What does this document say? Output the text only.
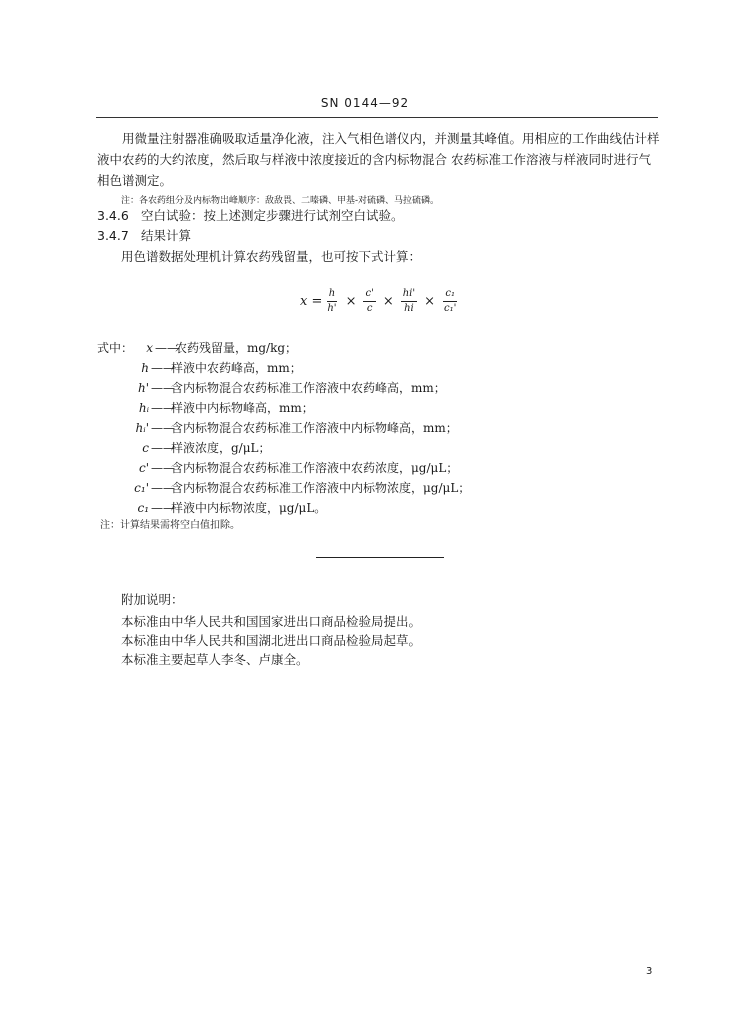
SN 0144—92
用微量注射器准确吸取适量净化液，注入气相色谱仪内，并测量其峰值。用相应的工作曲线估计样液中农药的大约浓度，然后取与样液中浓度接近的含内标物混合 农药标准工作溶液与样液同时进行气相色谱测定。
注：各农药组分及内标物出峰顺序：敌敌畏、二嗪磷、甲基-对硫磷、马拉硫磷。
3.4.6 空白试验：按上述测定步骤进行试剂空白试验。
3.4.7 结果计算
用色谱数据处理机计算农药残留量，也可按下式计算：
$x = \frac{h}{h'} \times \frac{c'}{c} \times \frac{hi'}{hi} \times \frac{\text{c₁}}{\text{c₁'}}$
式中：	x ——
农药残留量，mg/kg；
h ——
样液中农药峰高，mm；
h' ——
含内标物混合农药标准工作溶液中农药峰高，mm；
hᵢ ——
样液中内标物峰高，mm；
hᵢ' ——
含内标物混合农药标准工作溶液中内标物峰高，mm；
c ——
样液浓度，g/μL；
c' ——
含内标物混合农药标准工作溶液中农药浓度，μg/μL；
c₁' ——
含内标物混合农药标准工作溶液中内标物浓度，μg/μL；
c₁ ——
样液中内标物浓度，μg/μL。
注：计算结果需将空白值扣除。
附加说明：
本标准由中华人民共和国国家进出口商品检验局提出。
本标准由中华人民共和国湖北进出口商品检验局起草。
本标准主要起草人李冬、卢康全。
3
